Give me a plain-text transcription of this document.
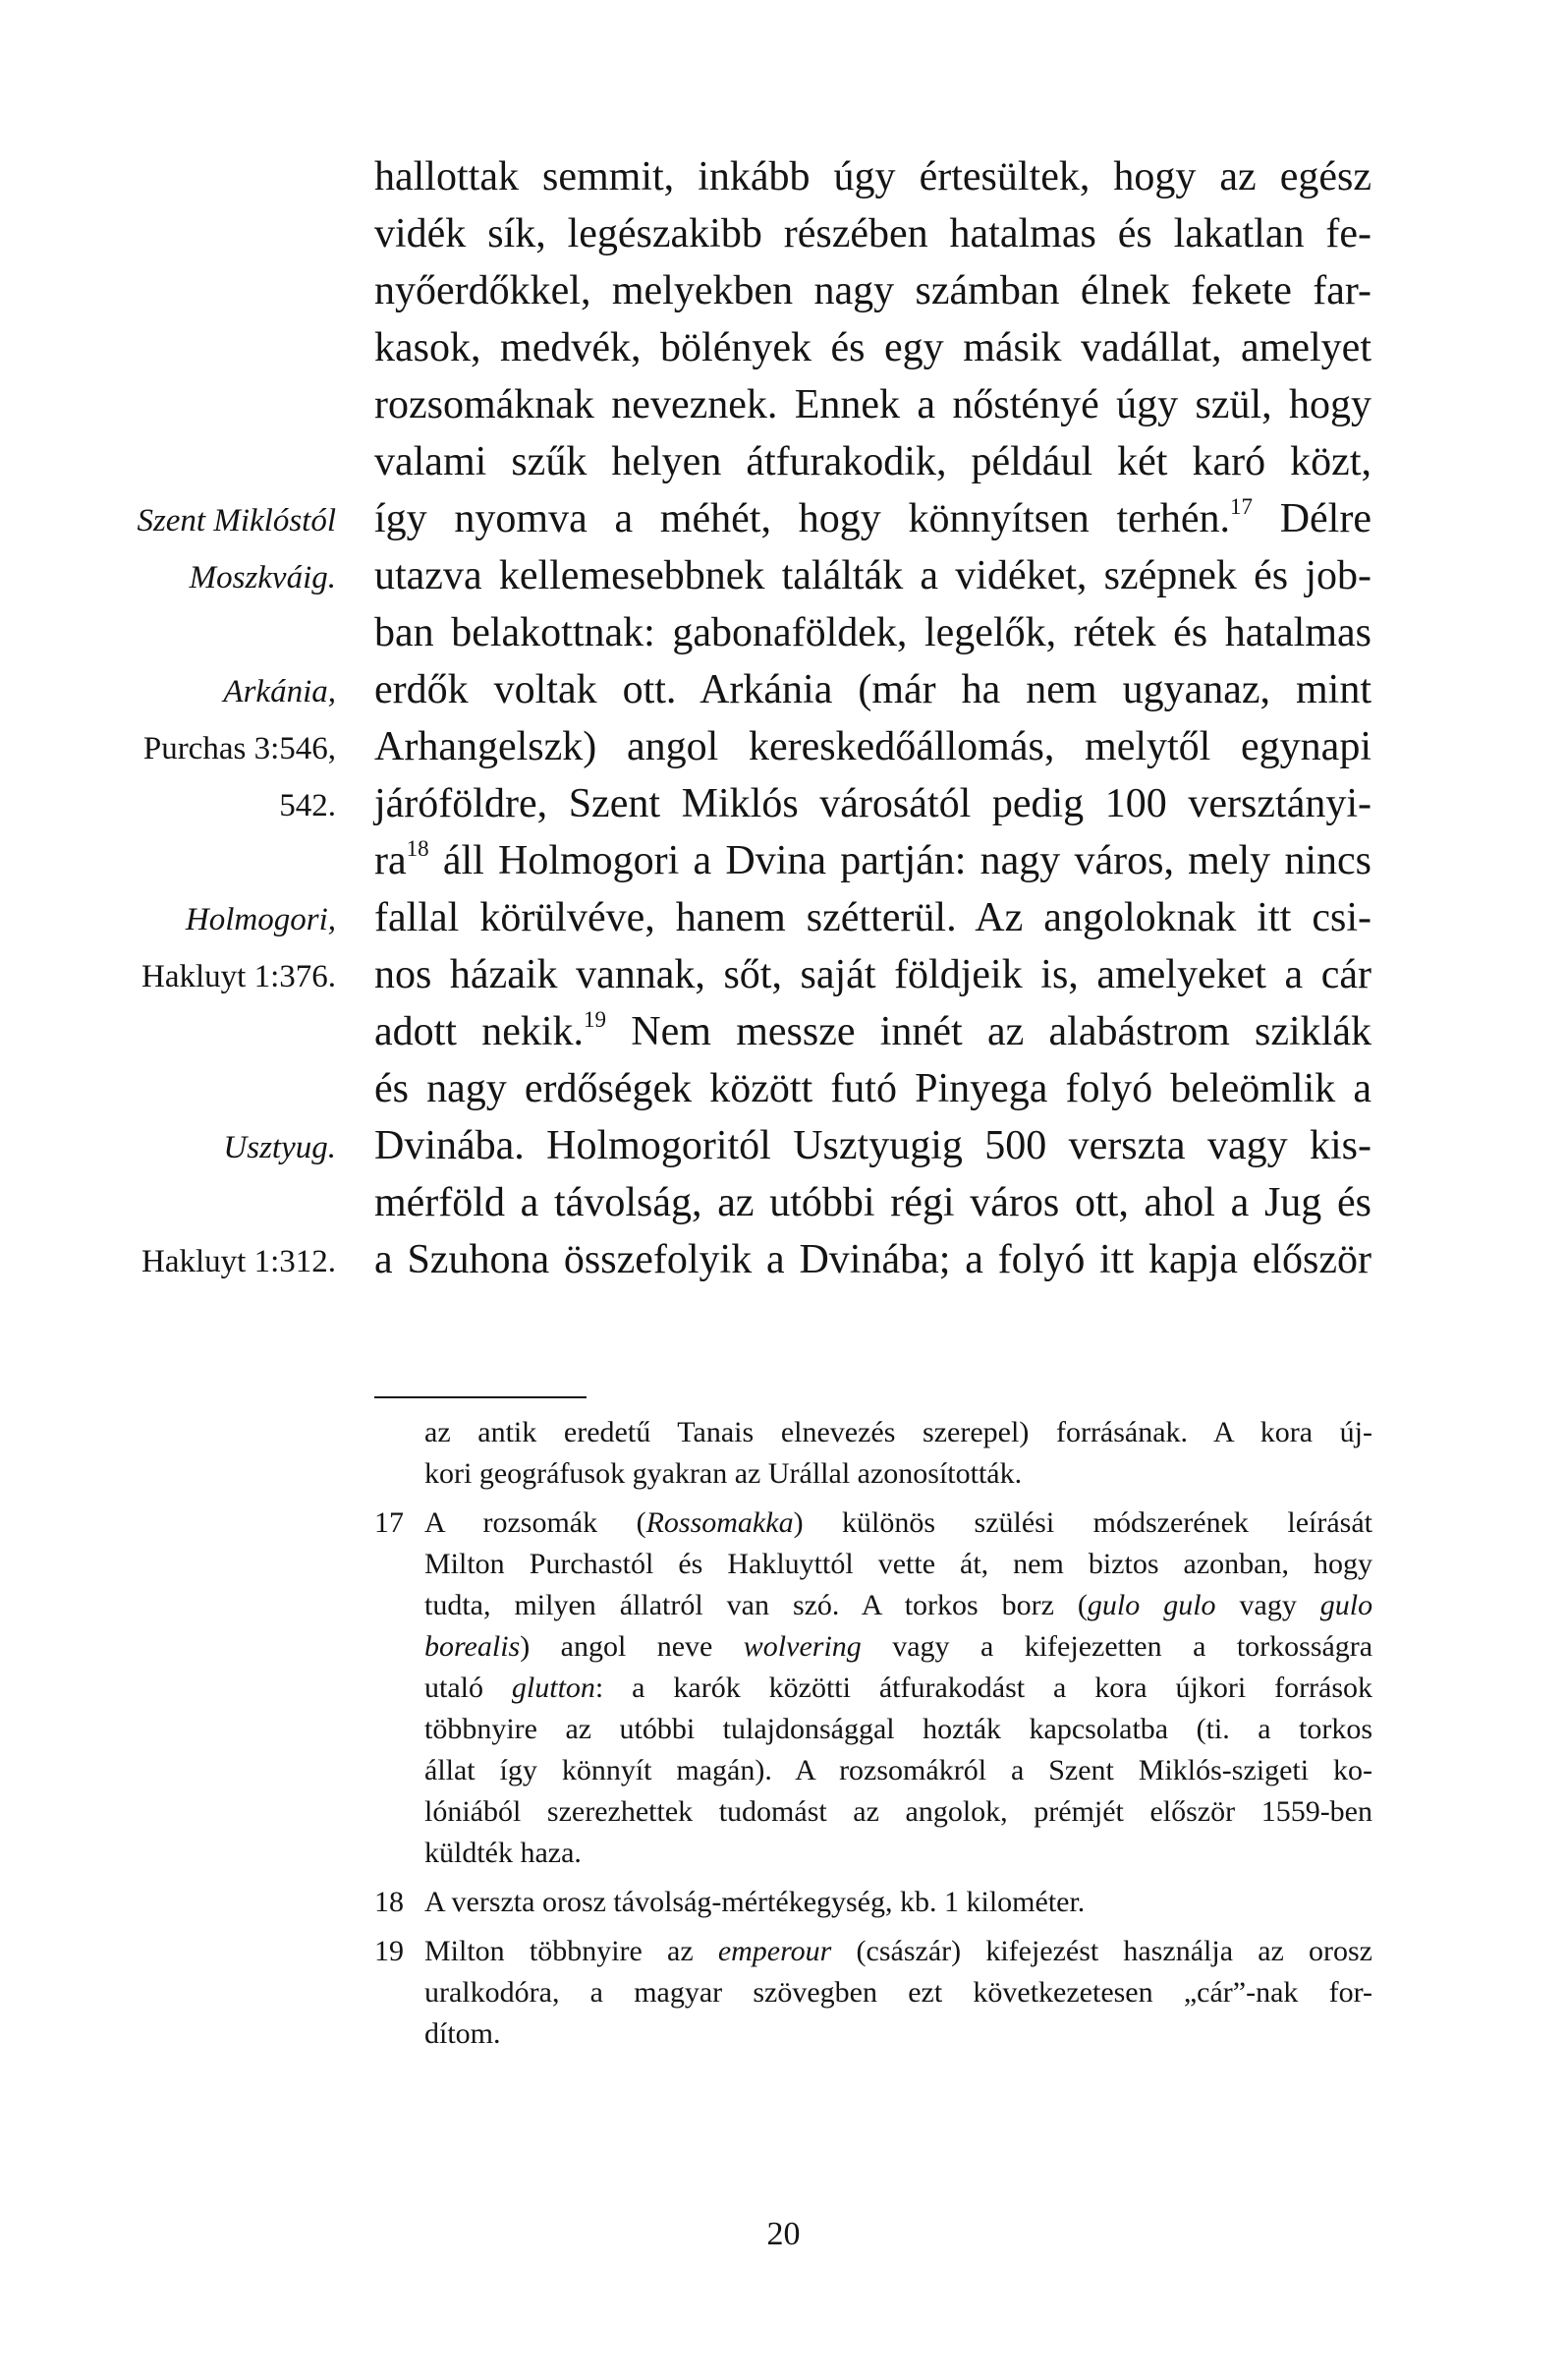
hallottak semmit, inkább úgy értesültek, hogy az egész
vidék sík, legészakibb részében hatalmas és lakatlan fe-
nyőerdőkkel, melyekben nagy számban élnek fekete far-
kasok, medvék, bölények és egy másik vadállat, amelyet
rozsomáknak neveznek. Ennek a nőstényé úgy szül, hogy
valami szűk helyen átfurakodik, például két karó közt,
így nyomva a méhét, hogy könnyítsen terhén.$^{17}$ Délre
utazva kellemesebbnek találták a vidéket, szépnek és job-
ban belakottnak: gabonaföldek, legelők, rétek és hatalmas
erdők voltak ott. Arkánia (már ha nem ugyanaz, mint
Arhangelszk) angol kereskedőállomás, melytől egynapi
járóföldre, Szent Miklós városától pedig 100 versztányi-
$ra^{18}$ áll Holmogori a Dvina partján: nagy város, mely nincs
fallal körülvéve, hanem szétterül. Az angoloknak itt csi-
nos házaik vannak, sőt, saját földjeik is, amelyeket a cár
adott nekik.$^{19}$ Nem messze innét az alabástrom sziklák
és nagy erdőségek között futó Pinyega folyó beleömlik a
Dvinába. Holmogoritól Usztyugig 500 verszta vagy kis-
mérföld a távolság, az utóbbi régi város ott, ahol a Jug és
a Szuhona összefolyik a Dvinába; a folyó itt kapja először
Szent Miklóstól
Moszkváig.
Arkánia,
Purchas 3:546,
542.
Holmogori,
Hakluyt 1:376.
Usztyug.
Hakluyt 1:312.
az antik eredetű Tanais elnevezés szerepel) forrásának. A kora új-
kori geográfusok gyakran az Urállal azonosították.
17 A rozsomák (Rossomakka) különös szülési módszerének leírását
Milton Purchastól és Hakluyttól vette át, nem biztos azonban, hogy
tudta, milyen állatról van szó. A torkos borz (gulo gulo vagy gulo
borealis) angol neve wolvering vagy a kifejezetten a torkosságra
utaló glutton: a karók közötti átfurakodást a kora újkori források
többnyire az utóbbi tulajdonsággal hozták kapcsolatba (ti. a torkos
állat így könnyít magán). A rozsomákról a Szent Miklós-szigeti ko-
lóniából szerezhettek tudomást az angolok, prémjét először 1559-ben
küldték haza.
18 A verszta orosz távolság-mértékegység, kb. 1 kilométer.
19 Milton többnyire az emperour (császár) kifejezést használja az orosz
uralkodóra, a magyar szövegben ezt következetesen „cár”-nak for-
dítom.
20
